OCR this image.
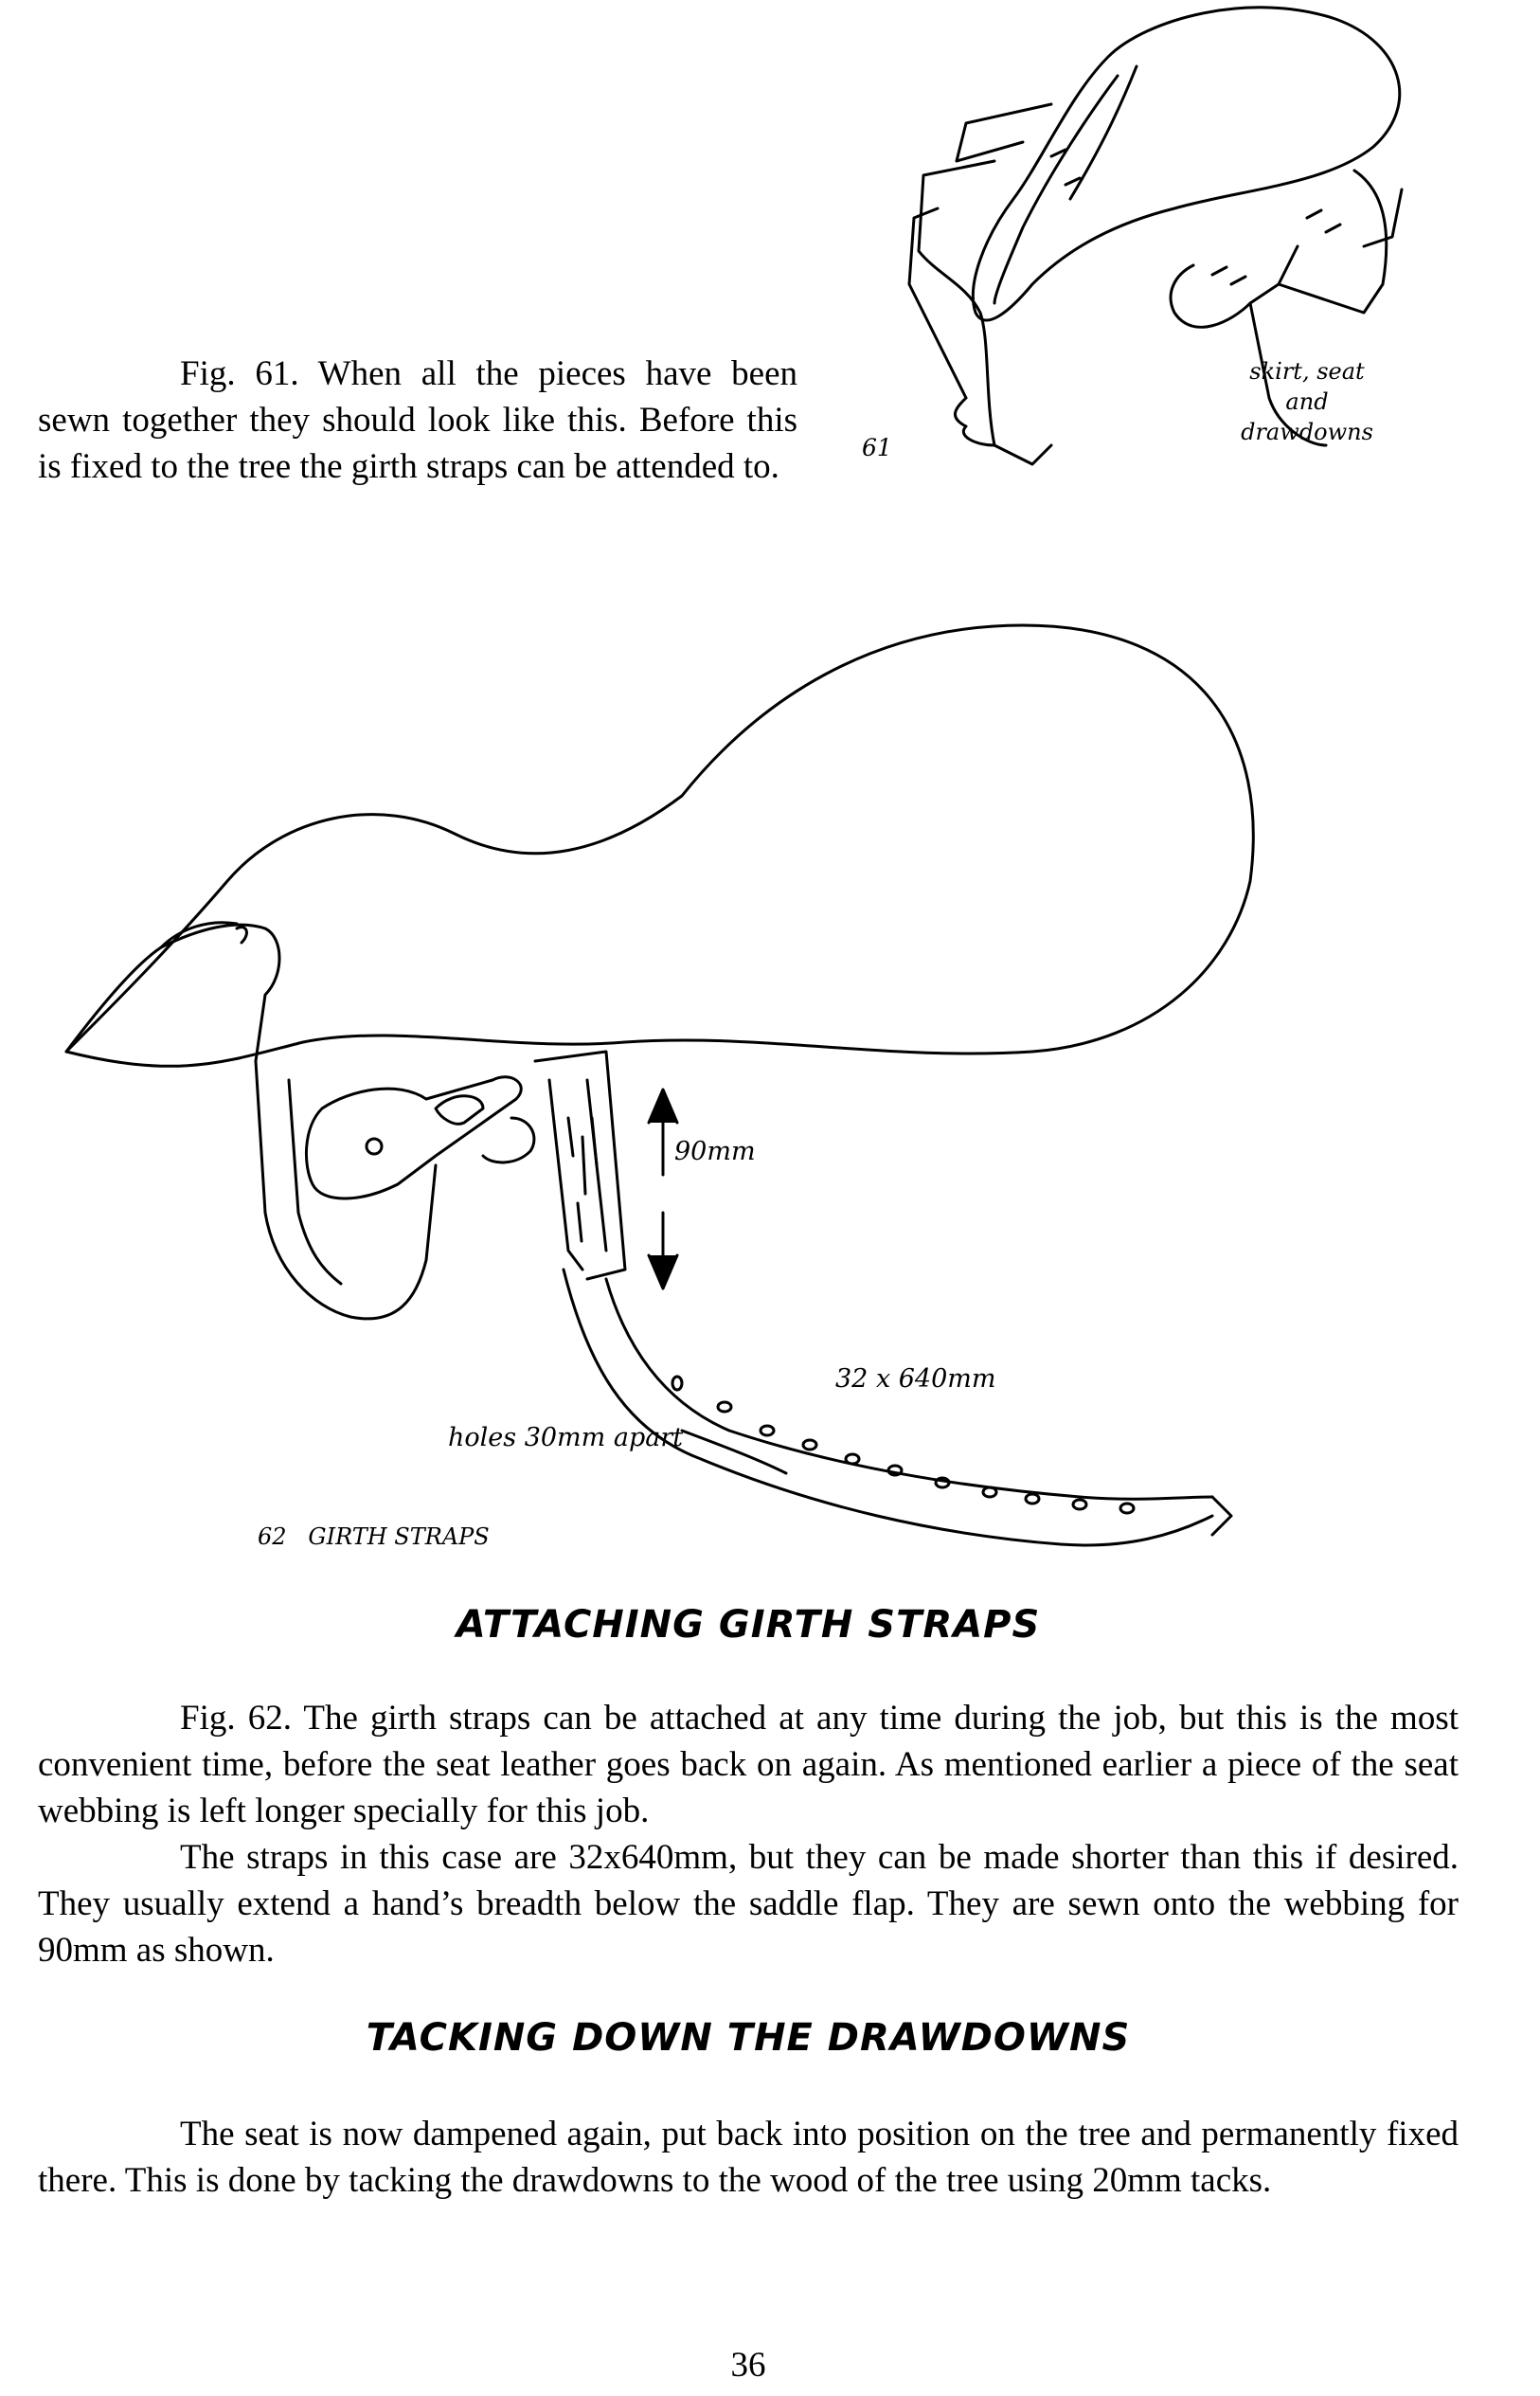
Fig. 61. When all the pieces have been sewn together they should look like this. Before this is fixed to the tree the girth straps can be attended to.	61
skirt, seat and drawdowns
90mm
32 x 640mm
holes 30mm apart
62   GIRTH STRAPS
ATTACHING GIRTH STRAPS

Fig. 62. The girth straps can be attached at any time during the job, but this is the most convenient time, before the seat leather goes back on again. As mentioned earlier a piece of the seat webbing is left longer specially for this job.

The straps in this case are 32x640mm, but they can be made shorter than this if desired. They usually extend a hand’s breadth below the saddle flap. They are sewn onto the webbing for 90mm as shown.

TACKING DOWN THE DRAWDOWNS

The seat is now dampened again, put back into position on the tree and permanently fixed there. This is done by tacking the drawdowns to the wood of the tree using 20mm tacks.

36
